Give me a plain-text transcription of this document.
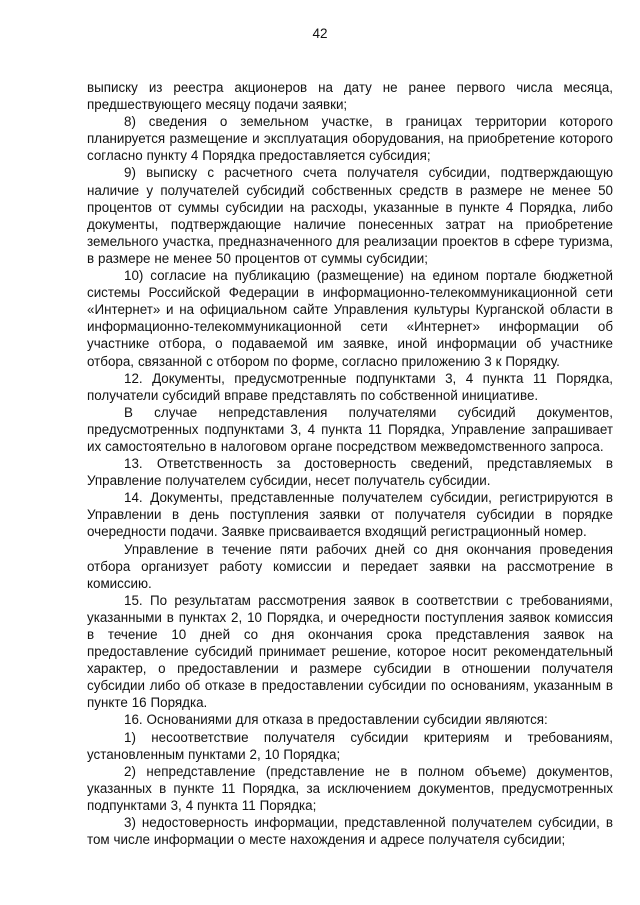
42

выписку из реестра акционеров на дату не ранее первого числа месяца, предшествующего месяцу подачи заявки;

8) сведения о земельном участке, в границах территории которого планируется размещение и эксплуатация оборудования, на приобретение которого согласно пункту 4 Порядка предоставляется субсидия;

9) выписку с расчетного счета получателя субсидии, подтверждающую наличие у получателей субсидий собственных средств в размере не менее 50 процентов от суммы субсидии на расходы, указанные в пункте 4 Порядка, либо документы, подтверждающие наличие понесенных затрат на приобретение земельного участка, предназначенного для реализации проектов в сфере туризма, в размере не менее 50 процентов от суммы субсидии;

10) согласие на публикацию (размещение) на едином портале бюджетной системы Российской Федерации в информационно-телекоммуникационной сети «Интернет» и на официальном сайте Управления культуры Курганской области в информационно-телекоммуникационной сети «Интернет» информации об участнике отбора, о подаваемой им заявке, иной информации об участнике отбора, связанной с отбором по форме, согласно приложению 3 к Порядку.

12. Документы, предусмотренные подпунктами 3, 4 пункта 11 Порядка, получатели субсидий вправе представлять по собственной инициативе.

В случае непредставления получателями субсидий документов, предусмотренных подпунктами 3, 4 пункта 11 Порядка, Управление запрашивает их самостоятельно в налоговом органе посредством межведомственного запроса.

13. Ответственность за достоверность сведений, представляемых в Управление получателем субсидии, несет получатель субсидии.

14. Документы, представленные получателем субсидии, регистрируются в Управлении в день поступления заявки от получателя субсидии в порядке очередности подачи. Заявке присваивается входящий регистрационный номер.

Управление в течение пяти рабочих дней со дня окончания проведения отбора организует работу комиссии и передает заявки на рассмотрение в комиссию.

15. По результатам рассмотрения заявок в соответствии с требованиями, указанными в пунктах 2, 10 Порядка, и очередности поступления заявок комиссия в течение 10 дней со дня окончания срока представления заявок на предоставление субсидий принимает решение, которое носит рекомендательный характер, о предоставлении и размере субсидии в отношении получателя субсидии либо об отказе в предоставлении субсидии по основаниям, указанным в пункте 16 Порядка.

16. Основаниями для отказа в предоставлении субсидии являются:

1) несоответствие получателя субсидии критериям и требованиям, установленным пунктами 2, 10 Порядка;

2) непредставление (представление не в полном объеме) документов, указанных в пункте 11 Порядка, за исключением документов, предусмотренных подпунктами 3, 4 пункта 11 Порядка;

3) недостоверность информации, представленной получателем субсидии, в том числе информации о месте нахождения и адресе получателя субсидии;
